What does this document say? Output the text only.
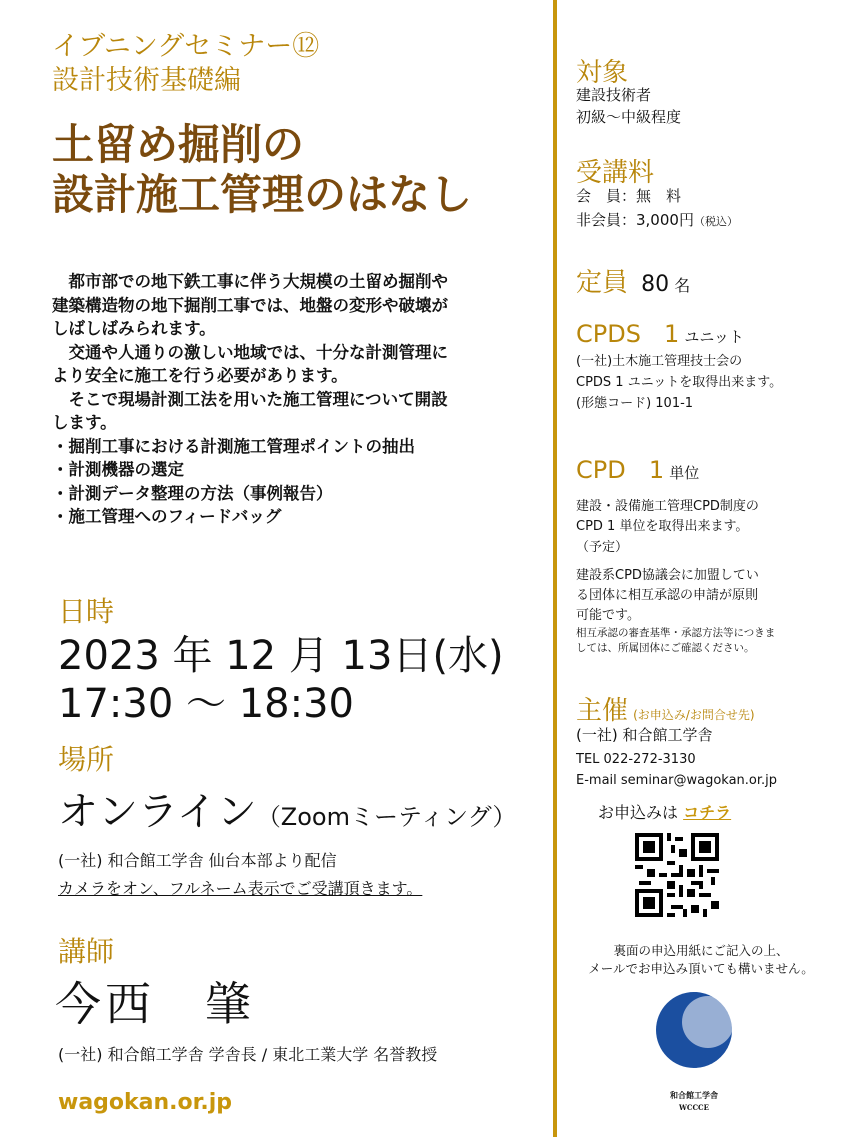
イブニングセミナー⑫
設計技術基礎編
土留め掘削の
設計施工管理のはなし

　都市部での地下鉄工事に伴う大規模の土留め掘削や

建築構造物の地下掘削工事では、地盤の変形や破壊が

しばしばみられます。

　交通や人通りの激しい地域では、十分な計測管理に

より安全に施工を行う必要があります。

　そこで現場計測工法を用いた施工管理について開設

します。

・掘削工事における計測施工管理ポイントの抽出

・計測機器の選定

・計測データ整理の方法（事例報告）

・施工管理へのフィードバッグ

日時
2023 年 12 月 13日(水)
17:30 ～ 18:30
場所
オンライン（Zoomミーティング）
(一社) 和合館工学舎 仙台本部より配信
カメラをオン、フルネーム表示でご受講頂きます。
講師
今西　肇
(一社) 和合館工学舎 学舎長 / 東北工業大学 名誉教授
wagokan.or.jp
対象
建設技術者
初級～中級程度
受講料
会　員：無　料
非会員：3,000円（税込）
定員 80 名
CPDS 1 ユニット
(一社)土木施工管理技士会の
CPDS 1 ユニットを取得出来ます。
(形態コード) 101-1
CPD 1 単位
建設・設備施工管理CPD制度の
CPD 1 単位を取得出来ます。
（予定）
建設系CPD協議会に加盟してい
る団体に相互承認の申請が原則
可能です。
相互承認の審査基準・承認方法等につきま
しては、所属団体にご確認ください。
主催 (お申込み/お問合せ先)
(一社) 和合館工学舎
TEL 022-272-3130
E-mail seminar@wagokan.or.jp
お申込みは コチラ
裏面の申込用紙にご記入の上、
メールでお申込み頂いても構いません。
和合館工学舎
WCCCE
